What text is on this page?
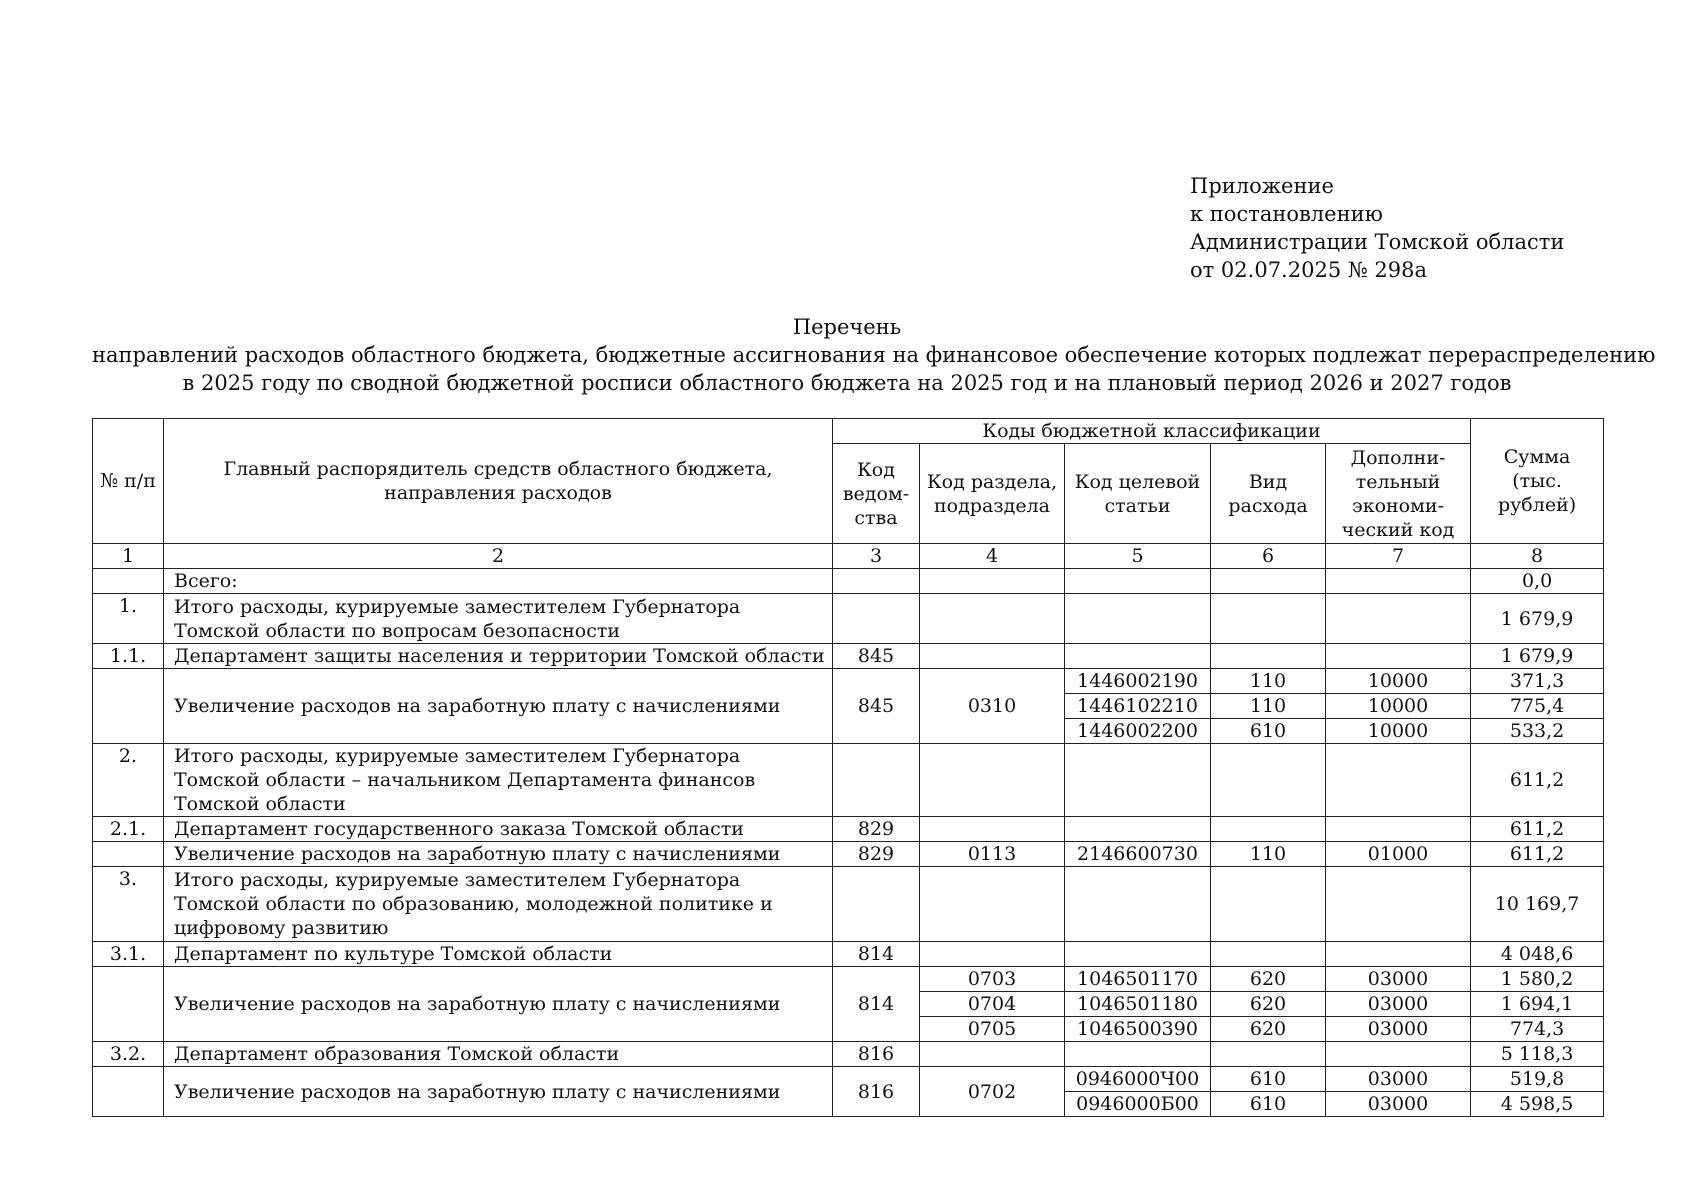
Приложение
к постановлению
Администрации Томской области
от 02.07.2025 № 298а
Перечень
направлений расходов областного бюджета, бюджетные ассигнования на финансовое обеспечение которых подлежат перераспределению
в 2025 году по сводной бюджетной росписи областного бюджета на 2025 год и на плановый период 2026 и 2027 годов
№ п/п	Главный распорядитель средств областного бюджета, направления расходов	Коды бюджетной классификации					Сумма (тыс. рублей)
		Код ведом-ства	Код раздела, подраздела	Код целевой статьи	Вид расхода	Дополни-тельный экономи-ческий код	
1	2	3	4	5	6	7	8
	Всего:						0,0
1.	Итого расходы, курируемые заместителем Губернатора Томской области по вопросам безопасности						1 679,9
1.1.	Департамент защиты населения и территории Томской области	845					1 679,9
	Увеличение расходов на заработную плату с начислениями	845	0310	1446002190	110	10000	371,3
				1446102210	110	10000	775,4
				1446002200	610	10000	533,2
2.	Итого расходы, курируемые заместителем Губернатора Томской области – начальником Департамента финансов Томской области						611,2
2.1.	Департамент государственного заказа Томской области	829					611,2
	Увеличение расходов на заработную плату с начислениями	829	0113	2146600730	110	01000	611,2
3.	Итого расходы, курируемые заместителем Губернатора Томской области по образованию, молодежной политике и цифровому развитию						10 169,7
3.1.	Департамент по культуре Томской области	814					4 048,6
	Увеличение расходов на заработную плату с начислениями	814	0703	1046501170	620	03000	1 580,2
			0704	1046501180	620	03000	1 694,1
			0705	1046500390	620	03000	774,3
3.2.	Департамент образования Томской области	816					5 118,3
	Увеличение расходов на заработную плату с начислениями	816	0702	0946000Ч00	610	03000	519,8
				0946000Б00	610	03000	4 598,5
